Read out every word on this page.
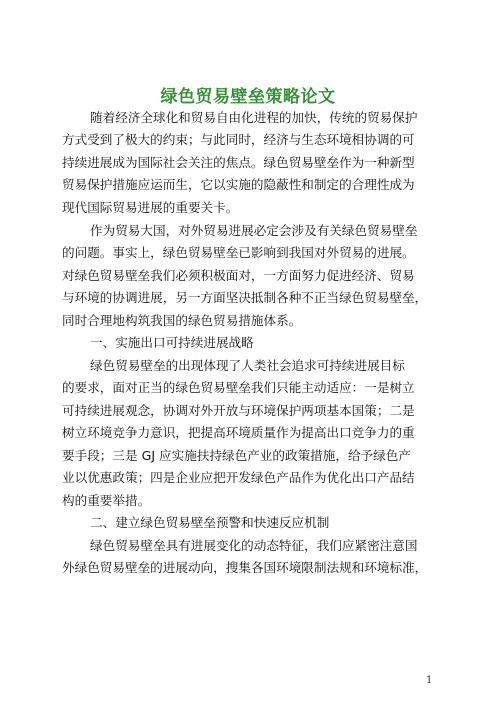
绿色贸易壁垒策略论文
随着经济全球化和贸易自由化进程的加快，传统的贸易保护
方式受到了极大的约束；与此同时，经济与生态环境相协调的可
持续进展成为国际社会关注的焦点。绿色贸易壁垒作为一种新型
贸易保护措施应运而生，它以实施的隐蔽性和制定的合理性成为
现代国际贸易进展的重要关卡。
作为贸易大国，对外贸易进展必定会涉及有关绿色贸易壁垒
的问题。事实上，绿色贸易壁垒已影响到我国对外贸易的进展。
对绿色贸易壁垒我们必须积极面对，一方面努力促进经济、贸易
与环境的协调进展，另一方面坚决抵制各种不正当绿色贸易壁垒，
同时合理地构筑我国的绿色贸易措施体系。
一、实施出口可持续进展战略
绿色贸易壁垒的出现体现了人类社会追求可持续进展目标
的要求，面对正当的绿色贸易壁垒我们只能主动适应：一是树立
可持续进展观念，协调对外开放与环境保护两项基本国策；二是
树立环境竞争力意识，把提高环境质量作为提高出口竞争力的重
要手段；三是 GJ 应实施扶持绿色产业的政策措施，给予绿色产
业以优惠政策；四是企业应把开发绿色产品作为优化出口产品结
构的重要举措。
二、建立绿色贸易壁垒预警和快速反应机制
绿色贸易壁垒具有进展变化的动态特征，我们应紧密注意国
外绿色贸易壁垒的进展动向，搜集各国环境限制法规和环境标准，
1
